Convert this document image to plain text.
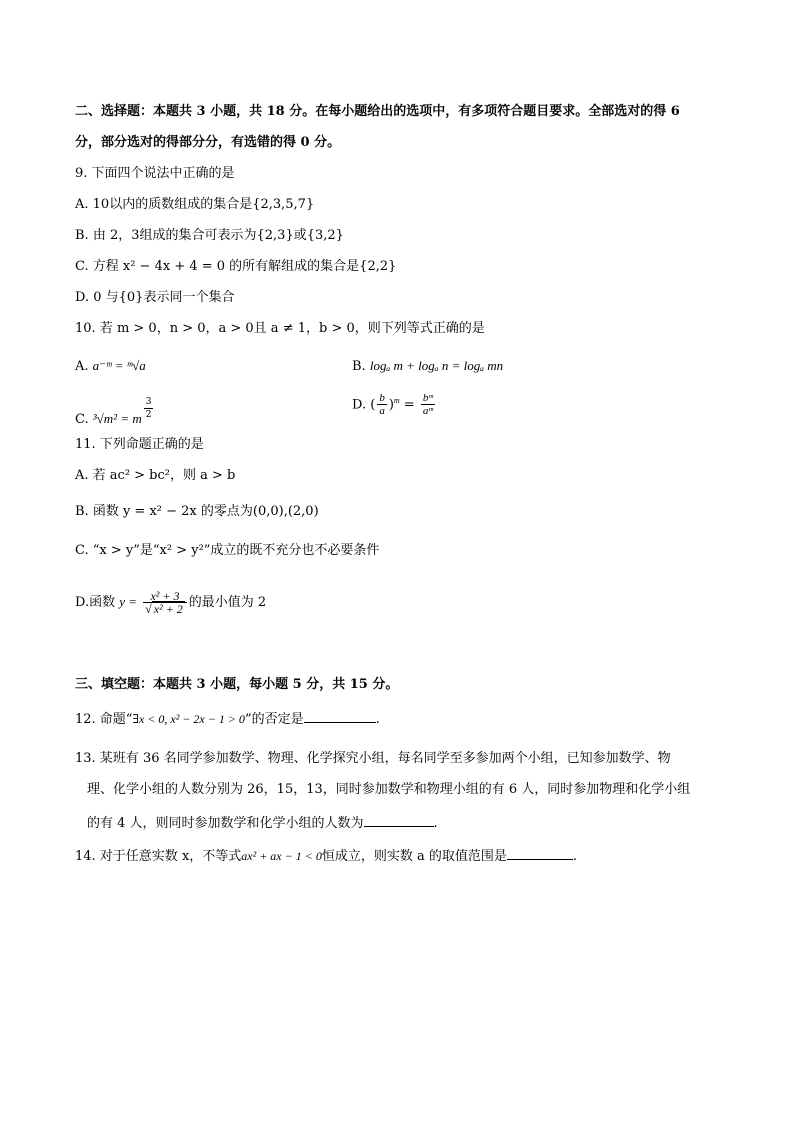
二、选择题：本题共 3 小题，共 18 分。在每小题给出的选项中，有多项符合题目要求。全部选对的得 6
分，部分选对的得部分分，有选错的得 0 分。
9. 下面四个说法中正确的是
A. 10以内的质数组成的集合是{2,3,5,7}
B. 由 2，3组成的集合可表示为{2,3}或{3,2}
C. 方程 x² − 4x + 4 = 0 的所有解组成的集合是{2,2}
D. 0 与{0}表示同一个集合
10. 若 m > 0，n > 0，a > 0且 a ≠ 1，b > 0，则下列等式正确的是
A. a⁻ᵐ = ᵐ√a	B. logₐ m + logₐ n = logₐ mn
C. ³√m² = m $\frac{3}{2}$	D. ( $\frac{b}{a} )^m = \frac{\text{bᵐ}}{\text{aᵐ}}$
11. 下列命题正确的是
A. 若 ac² > bc²，则 a > b
B. 函数 y = x² − 2x 的零点为(0,0),(2,0)
C. “x > y”是“x² > y²”成立的既不充分也不必要条件
D.函数 $y = \frac{\text{x² + 3}}{\text{√ x² + 2}}$ 的最小值为 2
三、填空题：本题共 3 小题，每小题 5 分，共 15 分。
12. 命题“∃x < 0, x² − 2x − 1 > 0”的否定是	.
13. 某班有 36 名同学参加数学、物理、化学探究小组，每名同学至多参加两个小组，已知参加数学、物
理、化学小组的人数分别为 26，15，13，同时参加数学和物理小组的有 6 人，同时参加物理和化学小组
的有 4 人，则同时参加数学和化学小组的人数为	.
14. 对于任意实数 x，不等式ax² + ax − 1 < 0恒成立，则实数 a 的取值范围是	.
